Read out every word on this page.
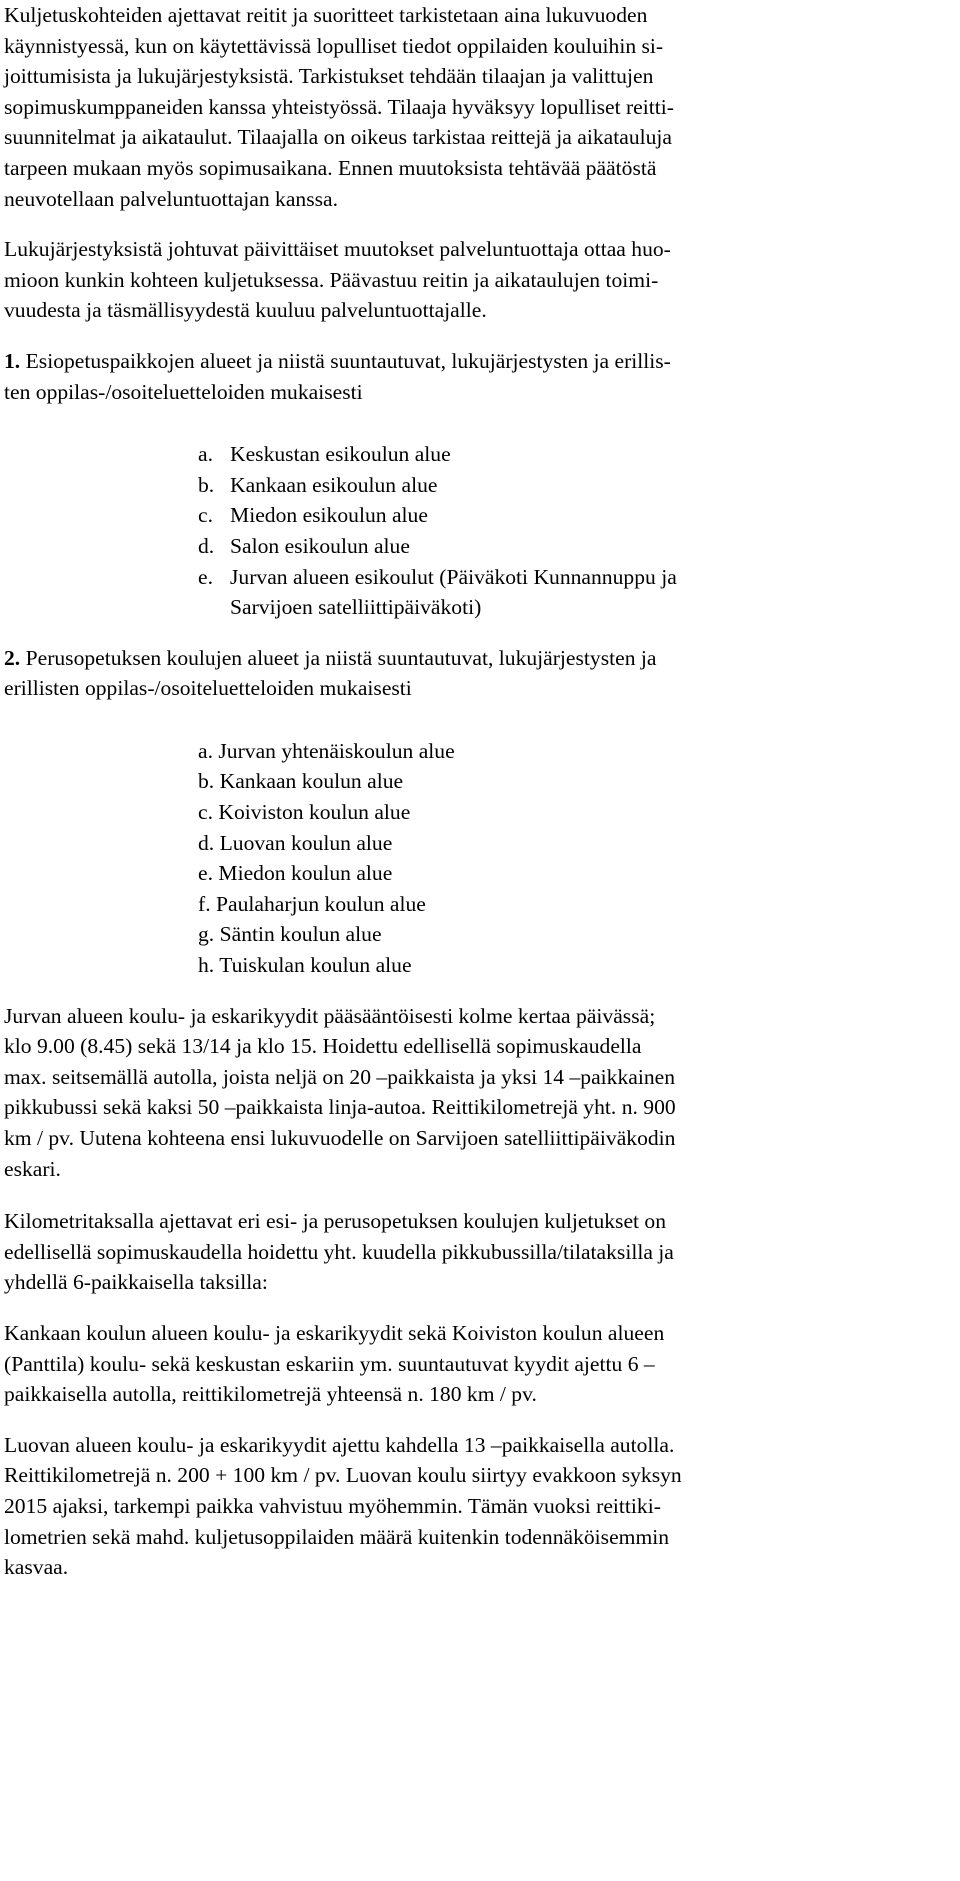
Kuljetuskohteiden ajettavat reitit ja suoritteet tarkistetaan aina lukuvuoden
käynnistyessä, kun on käytettävissä lopulliset tiedot oppilaiden kouluihin si-
joittumisista ja lukujärjestyksistä. Tarkistukset tehdään tilaajan ja valittujen
sopimuskumppaneiden kanssa yhteistyössä. Tilaaja hyväksyy lopulliset reitti-
suunnitelmat ja aikataulut. Tilaajalla on oikeus tarkistaa reittejä ja aikatauluja
tarpeen mukaan myös sopimusaikana. Ennen muutoksista tehtävää päätöstä
neuvotellaan palveluntuottajan kanssa.
Lukujärjestyksistä johtuvat päivittäiset muutokset palveluntuottaja ottaa huo-
mioon kunkin kohteen kuljetuksessa. Päävastuu reitin ja aikataulujen toimi-
vuudesta ja täsmällisyydestä kuuluu palveluntuottajalle.
1. Esiopetuspaikkojen alueet ja niistä suuntautuvat, lukujärjestysten ja erillis-
ten oppilas-/osoiteluetteloiden mukaisesti
a. Keskustan esikoulun alue
b. Kankaan esikoulun alue
c. Miedon esikoulun alue
d. Salon esikoulun alue
e. Jurvan alueen esikoulut (Päiväkoti Kunnannuppu ja
Sarvijoen satelliittipäiväkoti)
2. Perusopetuksen koulujen alueet ja niistä suuntautuvat, lukujärjestysten ja
erillisten oppilas-/osoiteluetteloiden mukaisesti
a. Jurvan yhtenäiskoulun alue
b. Kankaan koulun alue
c. Koiviston koulun alue
d. Luovan koulun alue
e. Miedon koulun alue
f. Paulaharjun koulun alue
g. Säntin koulun alue
h. Tuiskulan koulun alue
Jurvan alueen koulu- ja eskarikyydit pääsääntöisesti kolme kertaa päivässä;
klo 9.00 (8.45) sekä 13/14 ja klo 15. Hoidettu edellisellä sopimuskaudella
max. seitsemällä autolla, joista neljä on 20 –paikkaista ja yksi 14 –paikkainen
pikkubussi sekä kaksi 50 –paikkaista linja-autoa. Reittikilometrejä yht. n. 900
km / pv. Uutena kohteena ensi lukuvuodelle on Sarvijoen satelliittipäiväkodin
eskari.
Kilometritaksalla ajettavat eri esi- ja perusopetuksen koulujen kuljetukset on
edellisellä sopimuskaudella hoidettu yht. kuudella pikkubussilla/tilataksilla ja
yhdellä 6-paikkaisella taksilla:
Kankaan koulun alueen koulu- ja eskarikyydit sekä Koiviston koulun alueen
(Panttila) koulu- sekä keskustan eskariin ym. suuntautuvat kyydit ajettu 6 –
paikkaisella autolla, reittikilometrejä yhteensä n. 180 km / pv.
Luovan alueen koulu- ja eskarikyydit ajettu kahdella 13 –paikkaisella autolla.
Reittikilometrejä n. 200 + 100 km / pv. Luovan koulu siirtyy evakkoon syksyn
2015 ajaksi, tarkempi paikka vahvistuu myöhemmin. Tämän vuoksi reittiki-
lometrien sekä mahd. kuljetusoppilaiden määrä kuitenkin todennäköisemmin
kasvaa.
